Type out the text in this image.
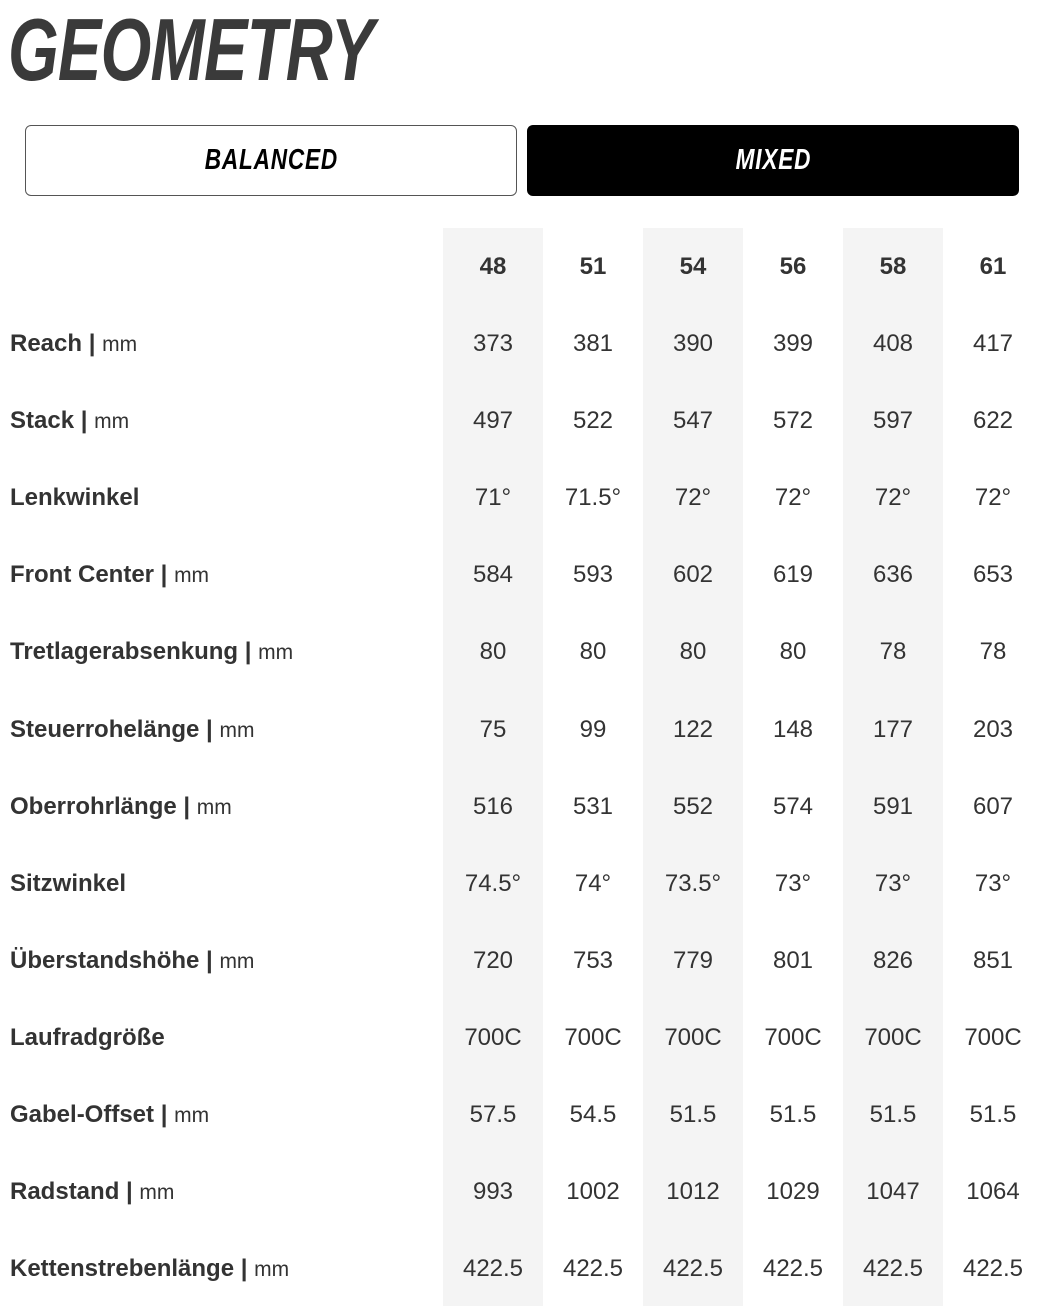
GEOMETRY
BALANCED	MIXED
48	51	54	56	58	61
Reach | mm	373	381	390	399	408	417
Stack | mm	497	522	547	572	597	622
Lenkwinkel	71°	71.5°	72°	72°	72°	72°
Front Center | mm	584	593	602	619	636	653
Tretlagerabsenkung | mm	80	80	80	80	78	78
Steuerrohelänge | mm	75	99	122	148	177	203
Oberrohrlänge | mm	516	531	552	574	591	607
Sitzwinkel	74.5°	74°	73.5°	73°	73°	73°
Überstandshöhe | mm	720	753	779	801	826	851
Laufradgröße	700C	700C	700C	700C	700C	700C
Gabel-Offset | mm	57.5	54.5	51.5	51.5	51.5	51.5
Radstand | mm	993	1002	1012	1029	1047	1064
Kettenstrebenlänge | mm	422.5	422.5	422.5	422.5	422.5	422.5
